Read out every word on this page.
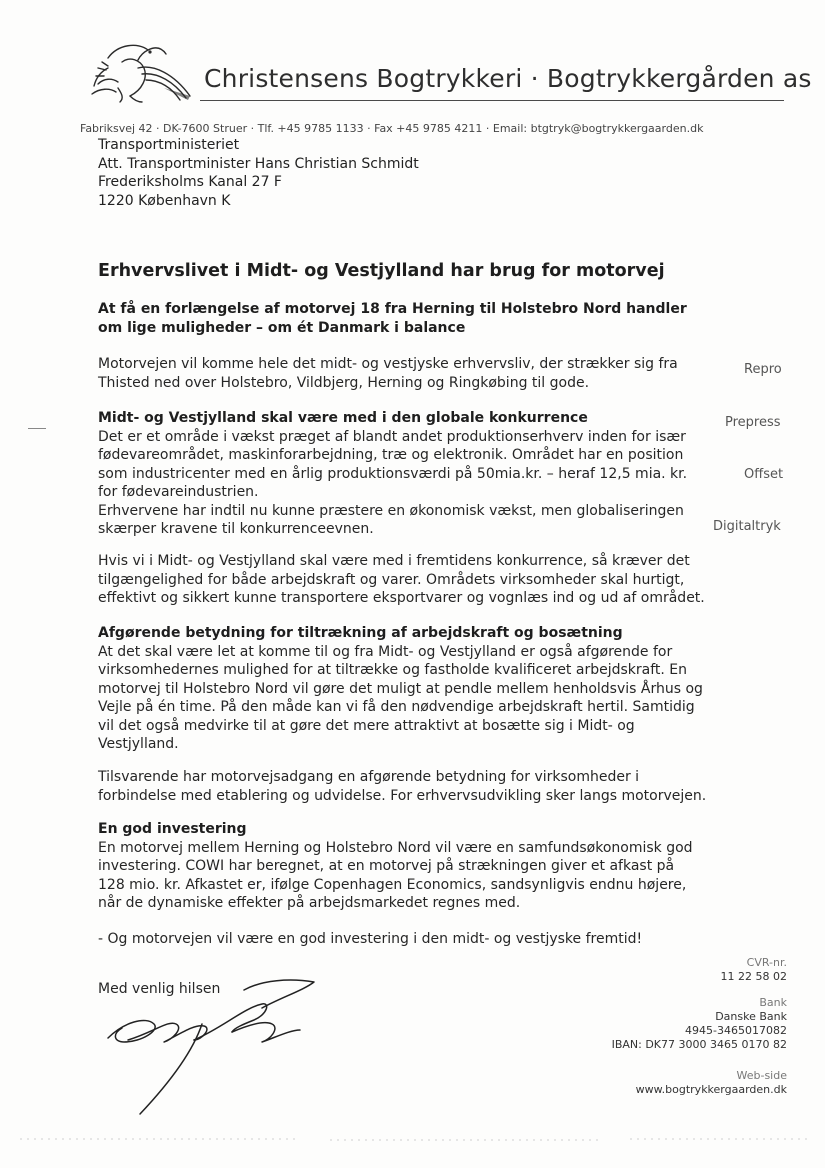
Christensens Bogtrykkeri · Bogtrykkergården as
Fabriksvej 42 · DK-7600 Struer · Tlf. +45 9785 1133 · Fax +45 9785 4211 · Email: btgtryk@bogtrykkergaarden.dk
Transportministeriet
Att. Transportminister Hans Christian Schmidt
Frederiksholms Kanal 27 F
1220 København K
Erhvervslivet i Midt- og Vestjylland har brug for motorvej
At få en forlængelse af motorvej 18 fra Herning til Holstebro Nord handler
om lige muligheder – om ét Danmark i balance
Motorvejen vil komme hele det midt- og vestjyske erhvervsliv, der strækker sig fra
Thisted ned over Holstebro, Vildbjerg, Herning og Ringkøbing til gode.
Midt- og Vestjylland skal være med i den globale konkurrence
Det er et område i vækst præget af blandt andet produktionserhverv inden for især
fødevareområdet, maskinforarbejdning, træ og elektronik. Området har en position
som industricenter med en årlig produktionsværdi på 50mia.kr. – heraf 12,5 mia. kr.
for fødevareindustrien.
Erhvervene har indtil nu kunne præstere en økonomisk vækst, men globaliseringen
skærper kravene til konkurrenceevnen.
Repro
Prepress
Offset
Digitaltryk
Hvis vi i Midt- og Vestjylland skal være med i fremtidens konkurrence, så kræver det
tilgængelighed for både arbejdskraft og varer. Områdets virksomheder skal hurtigt,
effektivt og sikkert kunne transportere eksportvarer og vognlæs ind og ud af området.
Afgørende betydning for tiltrækning af arbejdskraft og bosætning
At det skal være let at komme til og fra Midt- og Vestjylland er også afgørende for
virksomhedernes mulighed for at tiltrække og fastholde kvalificeret arbejdskraft. En
motorvej til Holstebro Nord vil gøre det muligt at pendle mellem henholdsvis Århus og
Vejle på én time. På den måde kan vi få den nødvendige arbejdskraft hertil. Samtidig
vil det også medvirke til at gøre det mere attraktivt at bosætte sig i Midt- og
Vestjylland.
Tilsvarende har motorvejsadgang en afgørende betydning for virksomheder i
forbindelse med etablering og udvidelse. For erhvervsudvikling sker langs motorvejen.
En god investering
En motorvej mellem Herning og Holstebro Nord vil være en samfundsøkonomisk god
investering. COWI har beregnet, at en motorvej på strækningen giver et afkast på
128 mio. kr. Afkastet er, ifølge Copenhagen Economics, sandsynligvis endnu højere,
når de dynamiske effekter på arbejdsmarkedet regnes med.
- Og motorvejen vil være en god investering i den midt- og vestjyske fremtid!
Med venlig hilsen
CVR-nr.
11 22 58 02
Bank
Danske Bank
4945-3465017082
IBAN: DK77 3000 3465 0170 82
Web-side
www.bogtrykkergaarden.dk
